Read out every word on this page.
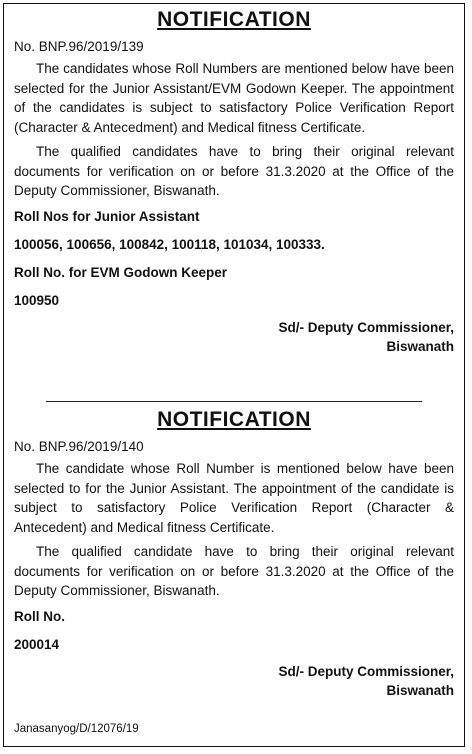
NOTIFICATION
No. BNP.96/2019/139

The candidates whose Roll Numbers are mentioned below have been selected for the Junior Assistant/EVM Godown Keeper. The appointment of the candidates is subject to satisfactory Police Verification Report (Character & Antecedment) and Medical fitness Certificate.

The qualified candidates have to bring their original relevant documents for verification on or before 31.3.2020 at the Office of the Deputy Commissioner, Biswanath.

Roll Nos for Junior Assistant
100056, 100656, 100842, 100118, 101034, 100333.
Roll No. for EVM Godown Keeper
100950
Sd/- Deputy Commissioner,
Biswanath
NOTIFICATION
No. BNP.96/2019/140

The candidate whose Roll Number is mentioned below have been selected to for the Junior Assistant. The appointment of the candidate is subject to satisfactory Police Verification Report (Character & Antecedent) and Medical fitness Certificate.

The qualified candidate have to bring their original relevant documents for verification on or before 31.3.2020 at the Office of the Deputy Commissioner, Biswanath.

Roll No.
200014
Sd/- Deputy Commissioner,
Biswanath
Janasanyog/D/12076/19
